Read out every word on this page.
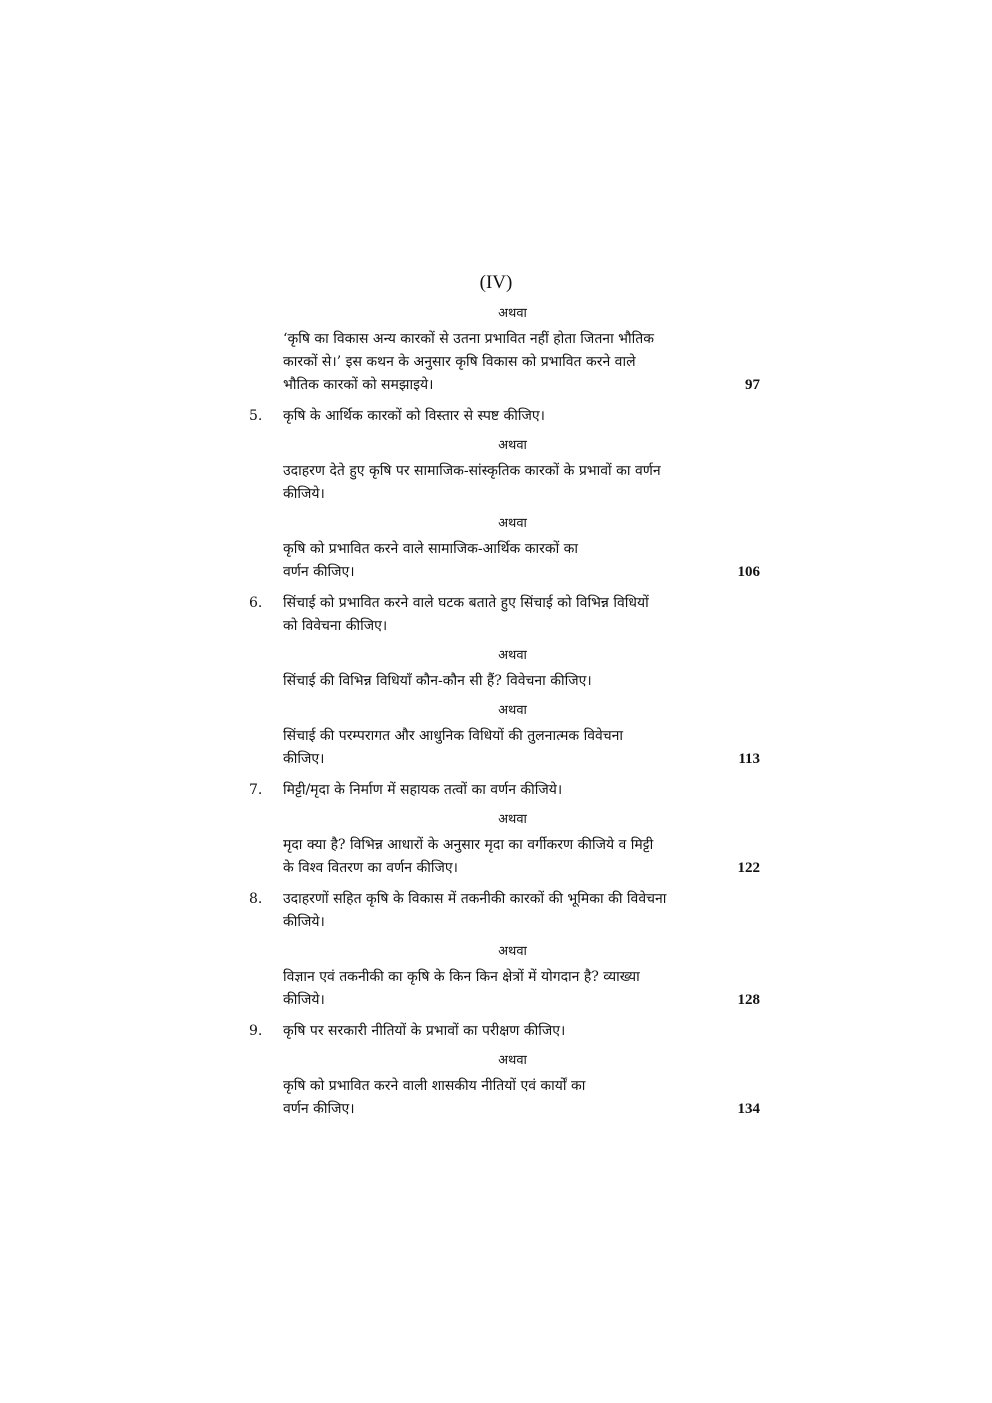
(IV)
अथवा
‘कृषि का विकास अन्य कारकों से उतना प्रभावित नहीं होता जितना भौतिक
कारकों से।’ इस कथन के अनुसार कृषि विकास को प्रभावित करने वाले
भौतिक कारकों को समझाइये।	97
5. कृषि के आर्थिक कारकों को विस्तार से स्पष्ट कीजिए।
अथवा
उदाहरण देते हुए कृषि पर सामाजिक-सांस्कृतिक कारकों के प्रभावों का वर्णन
कीजिये।
अथवा
कृषि को प्रभावित करने वाले सामाजिक-आर्थिक कारकों का
वर्णन कीजिए।	106
6. सिंचाई को प्रभावित करने वाले घटक बताते हुए सिंचाई को विभिन्न विधियों
को विवेचना कीजिए।
अथवा
सिंचाई की विभिन्न विधियाँ कौन-कौन सी हैं? विवेचना कीजिए।
अथवा
सिंचाई की परम्परागत और आधुनिक विधियों की तुलनात्मक विवेचना
कीजिए।	113
7. मिट्टी/मृदा के निर्माण में सहायक तत्वों का वर्णन कीजिये।
अथवा
मृदा क्या है? विभिन्न आधारों के अनुसार मृदा का वर्गीकरण कीजिये व मिट्टी
के विश्व वितरण का वर्णन कीजिए।	122
8. उदाहरणों सहित कृषि के विकास में तकनीकी कारकों की भूमिका की विवेचना
कीजिये।
अथवा
विज्ञान एवं तकनीकी का कृषि के किन किन क्षेत्रों में योगदान है? व्याख्या
कीजिये।	128
9. कृषि पर सरकारी नीतियों के प्रभावों का परीक्षण कीजिए।
अथवा
कृषि को प्रभावित करने वाली शासकीय नीतियों एवं कार्यों का
वर्णन कीजिए।	134
